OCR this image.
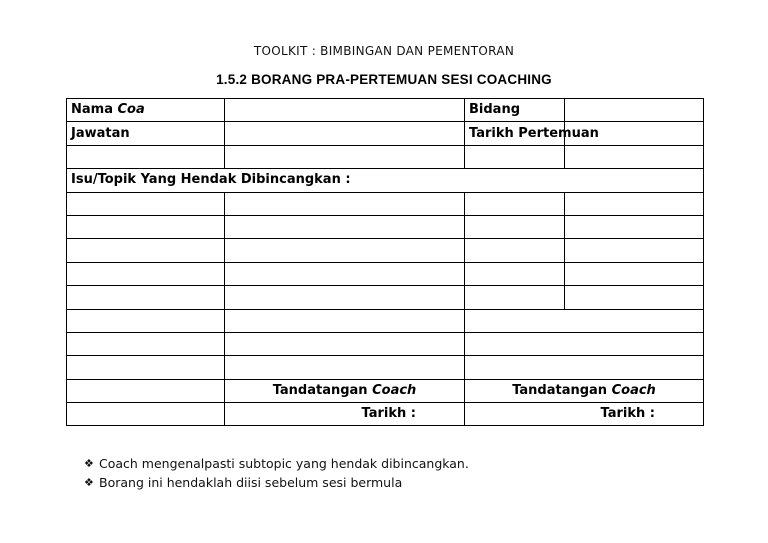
TOOLKIT : BIMBINGAN DAN PEMENTORAN
1.5.2 BORANG PRA-PERTEMUAN SESI COACHING
Nama Coa		Bidang	
Jawatan		Tarikh Pertemuan	

Isu/Topik Yang Hendak Dibincangkan :			

	Tandatangan Coach	Tandatangan Coach	
	Tarikh :	Tarikh :	
❖ Coach mengenalpasti subtopic yang hendak dibincangkan.
❖ Borang ini hendaklah diisi sebelum sesi bermula
